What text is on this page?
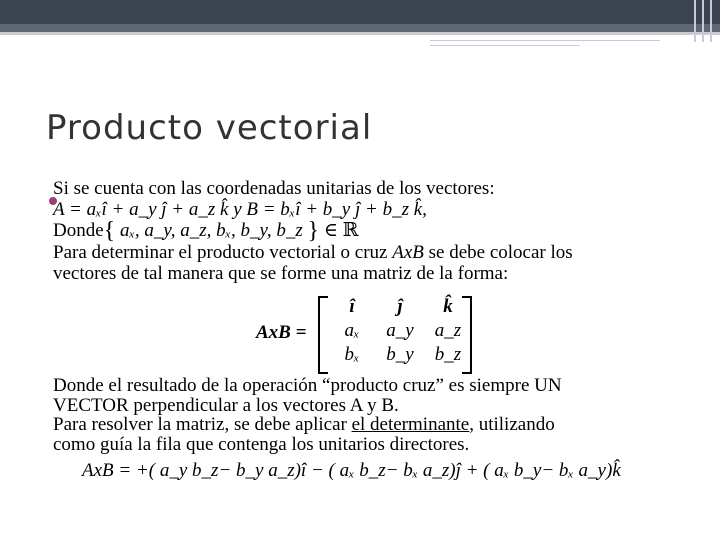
Producto vectorial
Si se cuenta con las coordenadas unitarias de los vectores:
A = aₓî + a_y ĵ + a_z k̂ y B = bₓî + b_y ĵ + b_z k̂,
Donde{ aₓ, a_y, a_z, bₓ, b_y, b_z } ∈ ℝ
Para determinar el producto vectorial o cruz AxB se debe colocar los
vectores de tal manera que se forme una matriz de la forma:
AxB =
î	ĵ	k̂
aₓ	a_y	a_z
bₓ	b_y	b_z
Donde el resultado de la operación “producto cruz” es siempre UN
VECTOR perpendicular a los vectores A y B.
Para resolver la matriz, se debe aplicar el determinante, utilizando
como guía la fila que contenga los unitarios directores.
AxB = +( a_y b_z− b_y a_z)î − ( aₓ b_z− bₓ a_z)ĵ + ( aₓ b_y− bₓ a_y)k̂
